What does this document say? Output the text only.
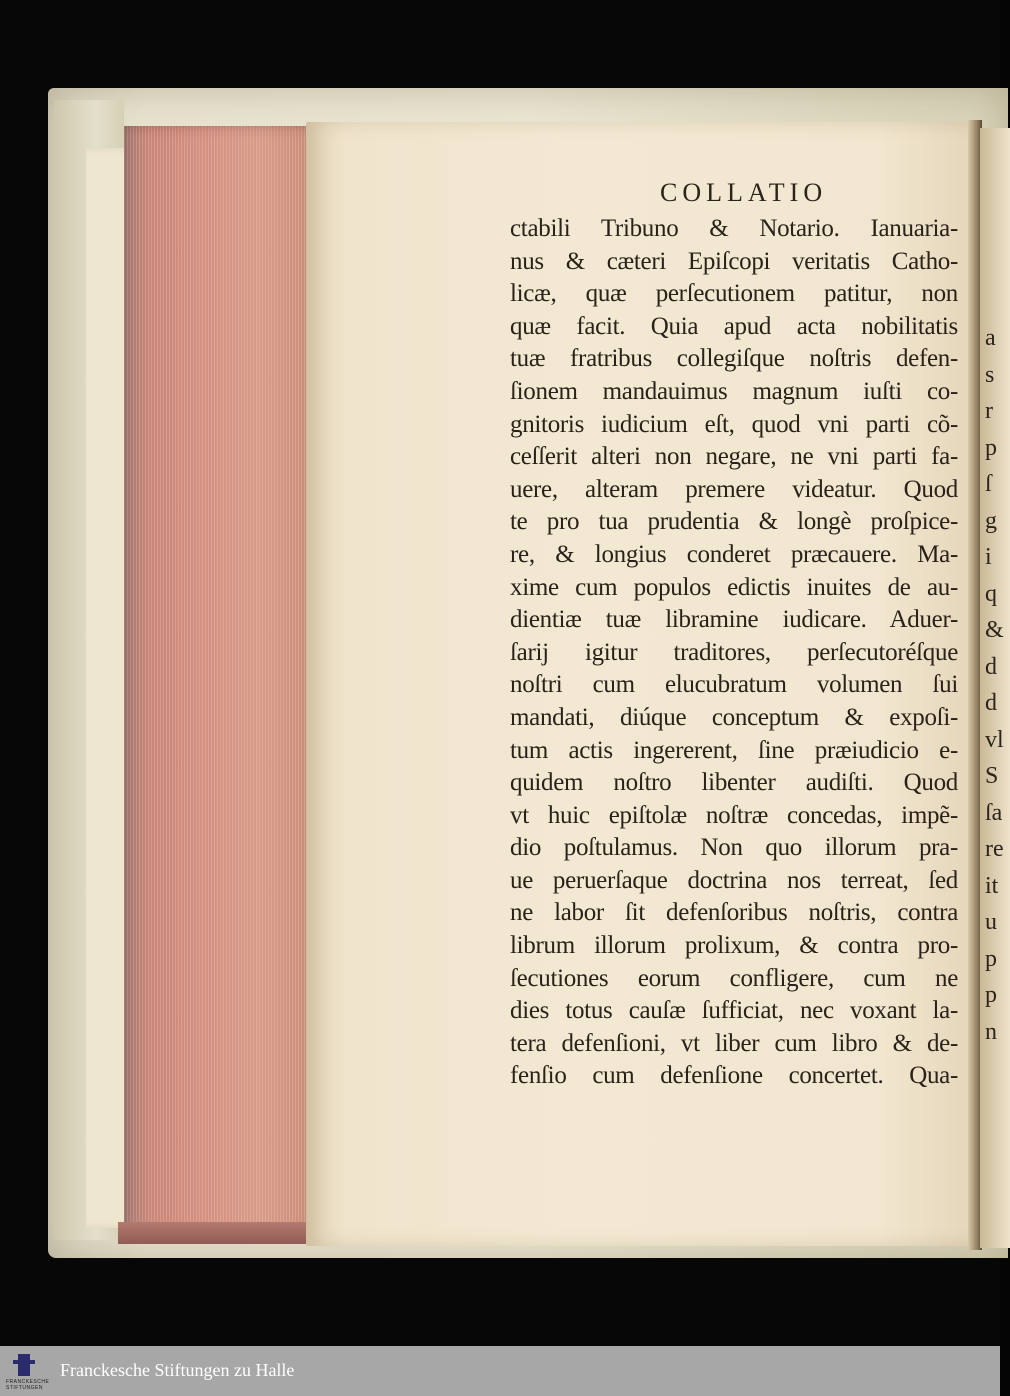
a
s
r
p
ſ
g
i
q
&
d
d
vl
S
ſa
re
it
u
p
p
n
COLLATIO
ctabili Tribuno & Notario. Ianuaria-
nus & cæteri Epiſcopi veritatis Catho-
licæ, quæ perſecutionem patitur, non
quæ facit. Quia apud acta nobilitatis
tuæ fratribus collegiſque noſtris defen-
ſionem mandauimus magnum iuſti co-
gnitoris iudicium eſt, quod vni parti cõ-
ceſſerit alteri non negare, ne vni parti fa-
uere, alteram premere videatur. Quod
te pro tua prudentia & longè proſpice-
re, & longius conderet præcauere. Ma-
xime cum populos edictis inuites de au-
dientiæ tuæ libramine iudicare. Aduer-
ſarij igitur traditores, perſecutoréſque
noſtri cum elucubratum volumen ſui
mandati, diúque conceptum & expoſi-
tum actis ingererent, ſine præiudicio e-
quidem noſtro libenter audiſti. Quod
vt huic epiſtolæ noſtræ concedas, impẽ-
dio poſtulamus. Non quo illorum pra-
ue peruerſaque doctrina nos terreat, ſed
ne labor ſit defenſoribus noſtris, contra
librum illorum prolixum, & contra pro-
ſecutiones eorum confligere, cum ne
dies totus cauſæ ſufficiat, nec voxant la-
tera defenſioni, vt liber cum libro & de-
fenſio cum defenſione concertet. Qua-
FRANCKESCHE STIFTUNGEN
Franckesche Stiftungen zu Halle
